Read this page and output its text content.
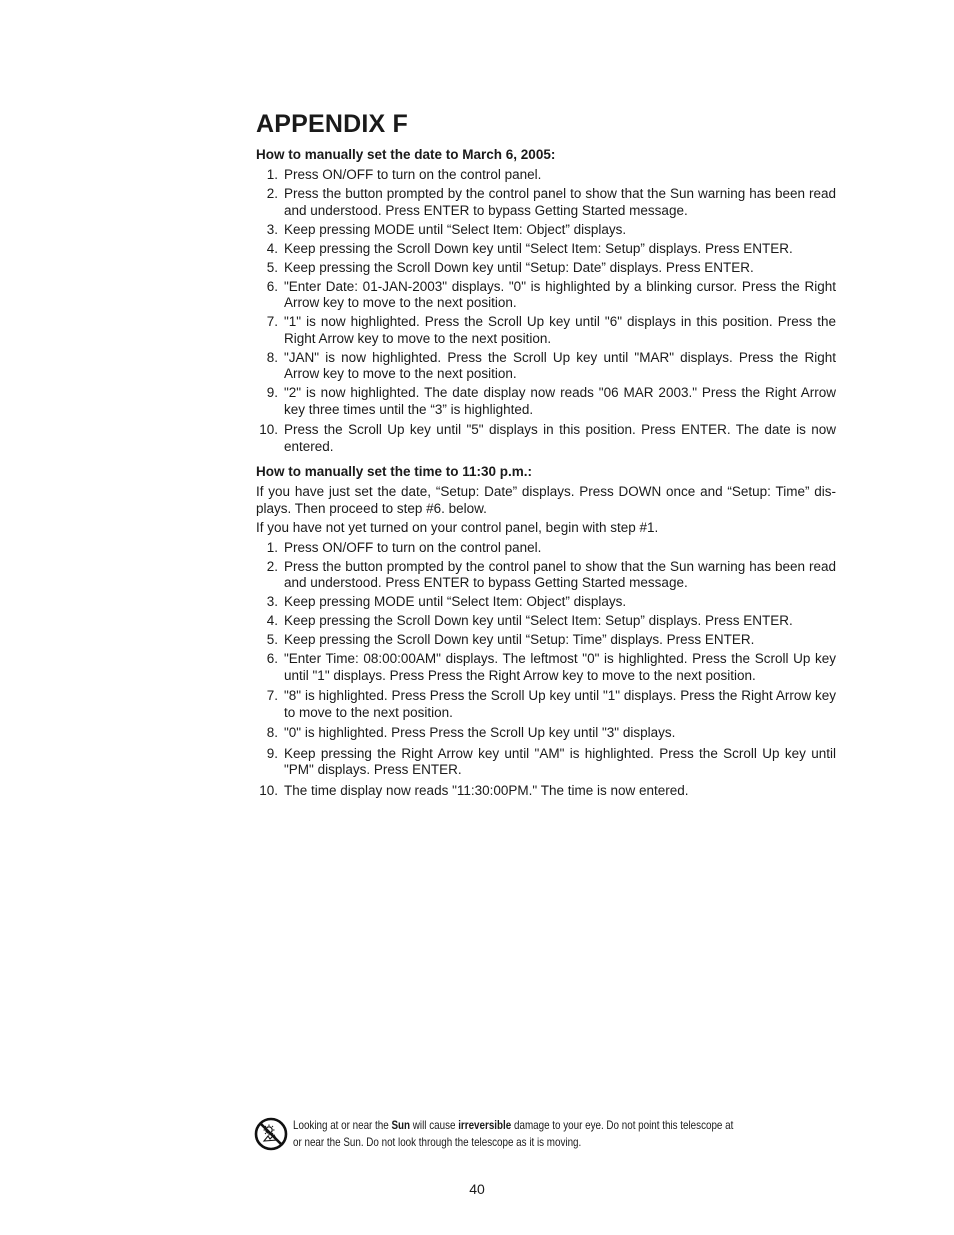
APPENDIX F
How to manually set the date to March 6, 2005:
1. Press ON/OFF to turn on the control panel.
2. Press the button prompted by the control panel to show that the Sun warning has been read and understood. Press ENTER to bypass Getting Started message.
3. Keep pressing MODE until “Select Item: Object” displays.
4. Keep pressing the Scroll Down key until “Select Item: Setup” displays. Press ENTER.
5. Keep pressing the Scroll Down key until “Setup: Date” displays. Press ENTER.
6. "Enter Date: 01-JAN-2003" displays. "0" is highlighted by a blinking cursor. Press the Right Arrow key to move to the next position.
7. "1" is now highlighted. Press the Scroll Up key until "6" displays in this position. Press the Right Arrow key to move to the next position.
8. "JAN" is now highlighted. Press the Scroll Up key until "MAR" displays. Press the Right Arrow key to move to the next position.
9. "2" is now highlighted. The date display now reads "06 MAR 2003." Press the Right Arrow key three times until the “3” is highlighted.
10. Press the Scroll Up key until "5" displays in this position. Press ENTER. The date is now entered.
How to manually set the time to 11:30 p.m.:

If you have just set the date, “Setup: Date” displays. Press DOWN once and “Setup: Time” dis-plays. Then proceed to step #6. below.

If you have not yet turned on your control panel, begin with step #1.

1. Press ON/OFF to turn on the control panel.
2. Press the button prompted by the control panel to show that the Sun warning has been read and understood. Press ENTER to bypass Getting Started message.
3. Keep pressing MODE until “Select Item: Object” displays.
4. Keep pressing the Scroll Down key until “Select Item: Setup” displays. Press ENTER.
5. Keep pressing the Scroll Down key until “Setup: Time” displays. Press ENTER.
6. "Enter Time: 08:00:00AM" displays. The leftmost "0" is highlighted. Press the Scroll Up key until "1" displays. Press Press the Right Arrow key to move to the next position.
7. "8" is highlighted. Press Press the Scroll Up key until "1" displays. Press the Right Arrow key to move to the next position.
8. "0" is highlighted. Press Press the Scroll Up key until "3" displays.
9. Keep pressing the Right Arrow key until "AM" is highlighted. Press the Scroll Up key until "PM" displays. Press ENTER.
10. The time display now reads "11:30:00PM." The time is now entered.
Looking at or near the Sun will cause irreversible damage to your eye. Do not point this telescope at or near the Sun. Do not look through the telescope as it is moving.
40
